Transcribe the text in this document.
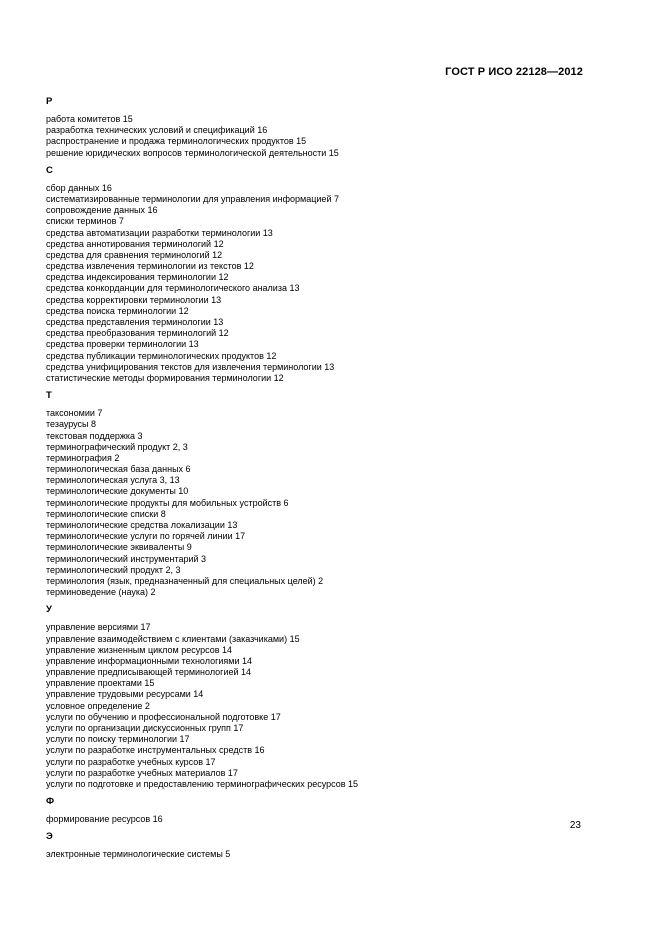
ГОСТ Р ИСО 22128—2012
Р
работа комитетов 15
разработка технических условий и спецификаций 16
распространение и продажа терминологических продуктов 15
решение юридических вопросов терминологической деятельности 15
С
сбор данных 16
систематизированные терминологии для управления информацией 7
сопровождение данных 16
списки терминов 7
средства автоматизации разработки терминологии 13
средства аннотирования терминологий 12
средства для сравнения терминологий 12
средства извлечения терминологии из текстов 12
средства индексирования терминологии 12
средства конкорданции для терминологического анализа 13
средства корректировки терминологии 13
средства поиска терминологии 12
средства представления терминологии 13
средства преобразования терминологий 12
средства проверки терминологии 13
средства публикации терминологических продуктов 12
средства унифицирования текстов для извлечения терминологии 13
статистические методы формирования терминологии 12
Т
таксономии 7
тезаурусы 8
текстовая поддержка 3
терминографический продукт 2, 3
терминография 2
терминологическая база данных 6
терминологическая услуга 3, 13
терминологические документы 10
терминологические продукты для мобильных устройств 6
терминологические списки 8
терминологические средства локализации 13
терминологические услуги по горячей линии 17
терминологические эквиваленты 9
терминологический инструментарий 3
терминологический продукт 2, 3
терминология (язык, предназначенный для специальных целей) 2
терминоведение (наука) 2
У
управление версиями 17
управление взаимодействием с клиентами (заказчиками) 15
управление жизненным циклом ресурсов 14
управление информационными технологиями 14
управление предписывающей терминологией 14
управление проектами 15
управление трудовыми ресурсами 14
условное определение 2
услуги по обучению и профессиональной подготовке 17
услуги по организации дискуссионных групп 17
услуги по поиску терминологии 17
услуги по разработке инструментальных средств 16
услуги по разработке учебных курсов 17
услуги по разработке учебных материалов 17
услуги по подготовке и предоставлению терминографических ресурсов 15
Ф
формирование ресурсов 16
Э
электронные терминологические системы 5
23
